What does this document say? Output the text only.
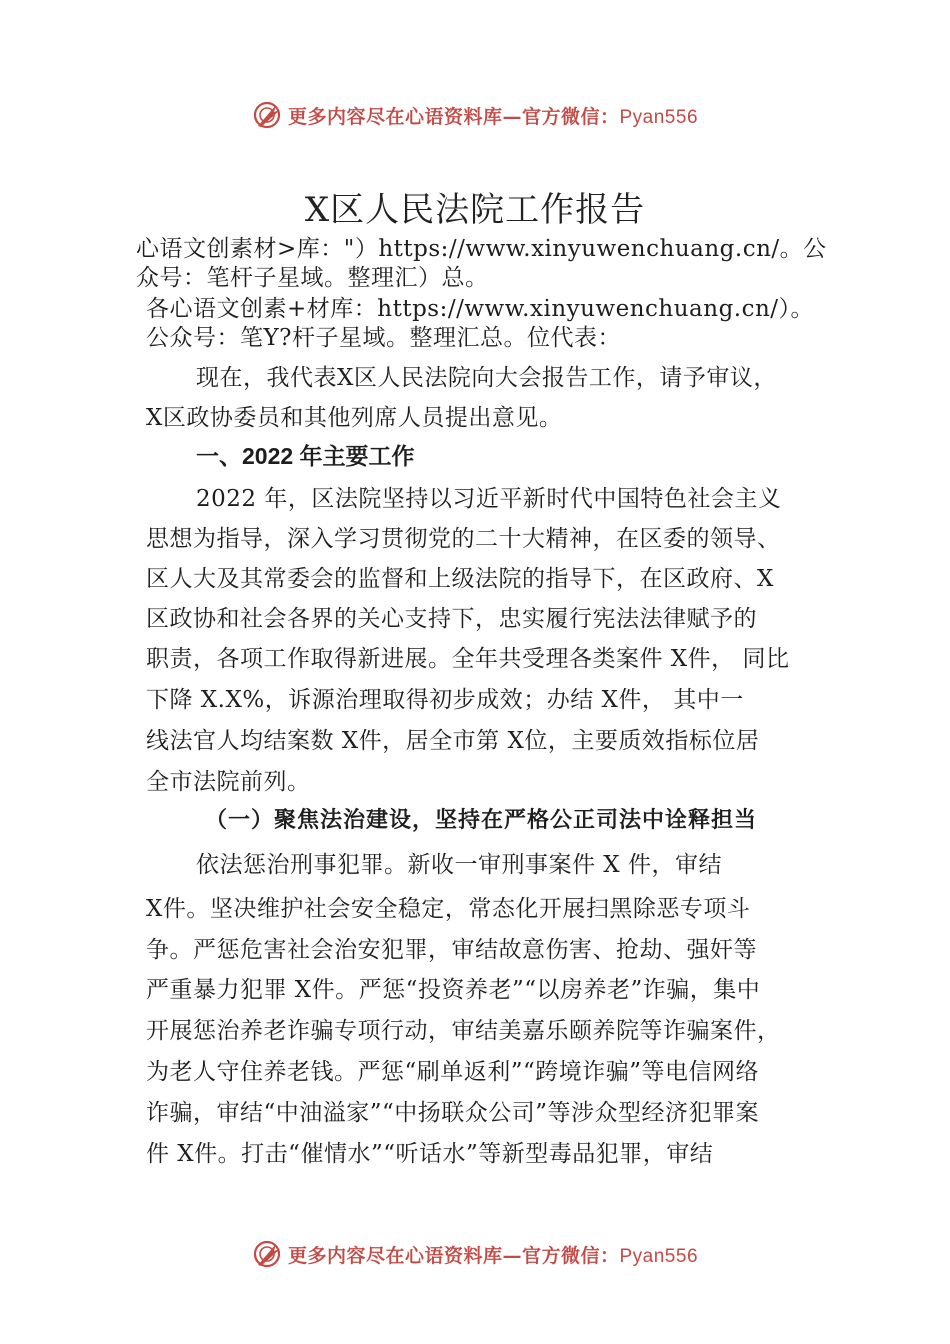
更多内容尽在心语资料库—官方微信：Pyan556
X区人民法院工作报告
心语文创素材>库："）https://www.xinyuwenchuang.cn/。公
众号：笔杆子星域。整理汇）总。
各心语文创素+材库：https://www.xinyuwenchuang.cn/）。
公众号：笔Y?杆子星域。整理汇总。位代表：
现在，我代表X区人民法院向大会报告工作，请予审议，
X区政协委员和其他列席人员提出意见。
一、2022 年主要工作
2022 年，区法院坚持以习近平新时代中国特色社会主义
思想为指导，深入学习贯彻党的二十大精神，在区委的领导、
区人大及其常委会的监督和上级法院的指导下，在区政府、X
区政协和社会各界的关心支持下，忠实履行宪法法律赋予的
职责，各项工作取得新进展。全年共受理各类案件 X件， 同比
下降 X.X%，诉源治理取得初步成效；办结 X件， 其中一
线法官人均结案数 X件，居全市第 X位，主要质效指标位居
全市法院前列。
（一）聚焦法治建设，坚持在严格公正司法中诠释担当
依法惩治刑事犯罪。新收一审刑事案件 X 件，审结
X件。坚决维护社会安全稳定，常态化开展扫黑除恶专项斗
争。严惩危害社会治安犯罪，审结故意伤害、抢劫、强奸等
严重暴力犯罪 X件。严惩“投资养老”“以房养老”诈骗，集中
开展惩治养老诈骗专项行动，审结美嘉乐颐养院等诈骗案件，
为老人守住养老钱。严惩“刷单返利”“跨境诈骗”等电信网络
诈骗，审结“中油溢家”“中扬联众公司”等涉众型经济犯罪案
件 X件。打击“催情水”“听话水”等新型毒品犯罪，审结
更多内容尽在心语资料库—官方微信：Pyan556
